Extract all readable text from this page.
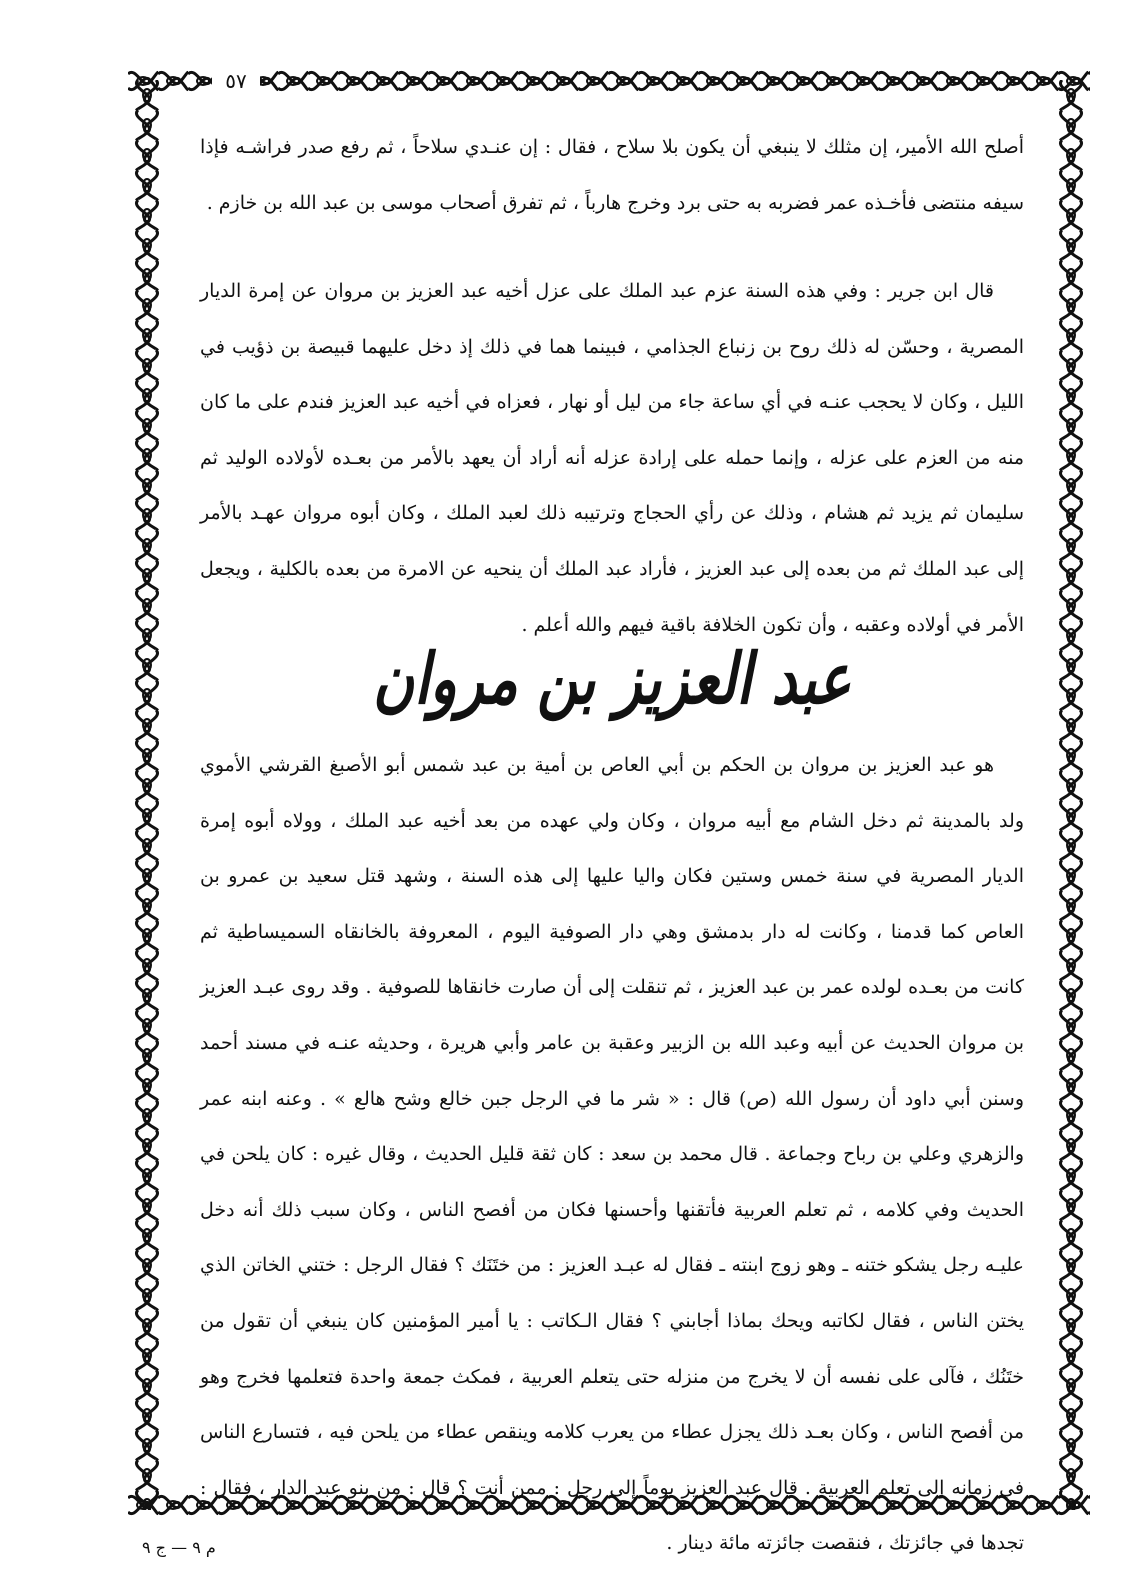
٥٧

أصلح الله الأمير، إن مثلك لا ينبغي أن يكون بلا سلاح ، فقال : إن عنـدي سلاحاً ، ثم رفع صدر فراشـه فإذا سيفه منتضى فأخـذه عمر فضربه به حتى برد وخرج هارباً ، ثم تفرق أصحاب موسى بن عبد الله بن خازم .

قال ابن جرير : وفي هذه السنة عزم عبد الملك على عزل أخيه عبد العزيز بن مروان عن إمرة الديار المصرية ، وحسّن له ذلك روح بن زنباع الجذامي ، فبينما هما في ذلك إذ دخل عليهما قبيصة بن ذؤيب في الليل ، وكان لا يحجب عنـه في أي ساعة جاء من ليل أو نهار ، فعزاه في أخيه عبد العزيز فندم على ما كان منه من العزم على عزله ، وإنما حمله على إرادة عزله أنه أراد أن يعهد بالأمر من بعـده لأولاده الوليد ثم سليمان ثم يزيد ثم هشام ، وذلك عن رأي الحجاج وترتيبه ذلك لعبد الملك ، وكان أبوه مروان عهـد بالأمر إلى عبد الملك ثم من بعده إلى عبد العزيز ، فأراد عبد الملك أن ينحيه عن الامرة من بعده بالكلية ، ويجعل الأمر في أولاده وعقبه ، وأن تكون الخلافة باقية فيهم والله أعلم .

عبد العزيز بن مروان

هو عبد العزيز بن مروان بن الحكم بن أبي العاص بن أمية بن عبد شمس أبو الأصبغ القرشي الأموي ولد بالمدينة ثم دخل الشام مع أبيه مروان ، وكان ولي عهده من بعد أخيه عبد الملك ، وولاه أبوه إمرة الديار المصرية في سنة خمس وستين فكان واليا عليها إلى هذه السنة ، وشهد قتل سعيد بن عمرو بن العاص كما قدمنا ، وكانت له دار بدمشق وهي دار الصوفية اليوم ، المعروفة بالخانقاه السميساطية ثم كانت من بعـده لولده عمر بن عبد العزيز ، ثم تنقلت إلى أن صارت خانقاها للصوفية . وقد روى عبـد العزيز بن مروان الحديث عن أبيه وعبد الله بن الزبير وعقبة بن عامر وأبي هريرة ، وحديثه عنـه في مسند أحمد وسنن أبي داود أن رسول الله (ص) قال : « شر ما في الرجل جبن خالع وشح هالع » . وعنه ابنه عمر والزهري وعلي بن رباح وجماعة . قال محمد بن سعد : كان ثقة قليل الحديث ، وقال غيره : كان يلحن في الحديث وفي كلامه ، ثم تعلم العربية فأتقنها وأحسنها فكان من أفصح الناس ، وكان سبب ذلك أنه دخل عليـه رجل يشكو ختنه ـ وهو زوج ابنته ـ فقال له عبـد العزيز : من ختَنَك ؟ فقال الرجل : ختني الخاتن الذي يختن الناس ، فقال لكاتبه ويحك بماذا أجابني ؟ فقال الـكاتب : يا أمير المؤمنين كان ينبغي أن تقول من ختَنُك ، فآلى على نفسه أن لا يخرج من منزله حتى يتعلم العربية ، فمكث جمعة واحدة فتعلمها فخرج وهو من أفصح الناس ، وكان بعـد ذلك يجزل عطاء من يعرب كلامه وينقص عطاء من يلحن فيه ، فتسارع الناس في زمانه إلى تعلم العربية . قال عبد العزيز يوماً إلى رجل : ممن أنت ؟ قال : من بنو عبد الدار ، فقال : تجدها في جائزتك ، فنقصت جائزته مائة دينار .

م ٩ — ج ٩
